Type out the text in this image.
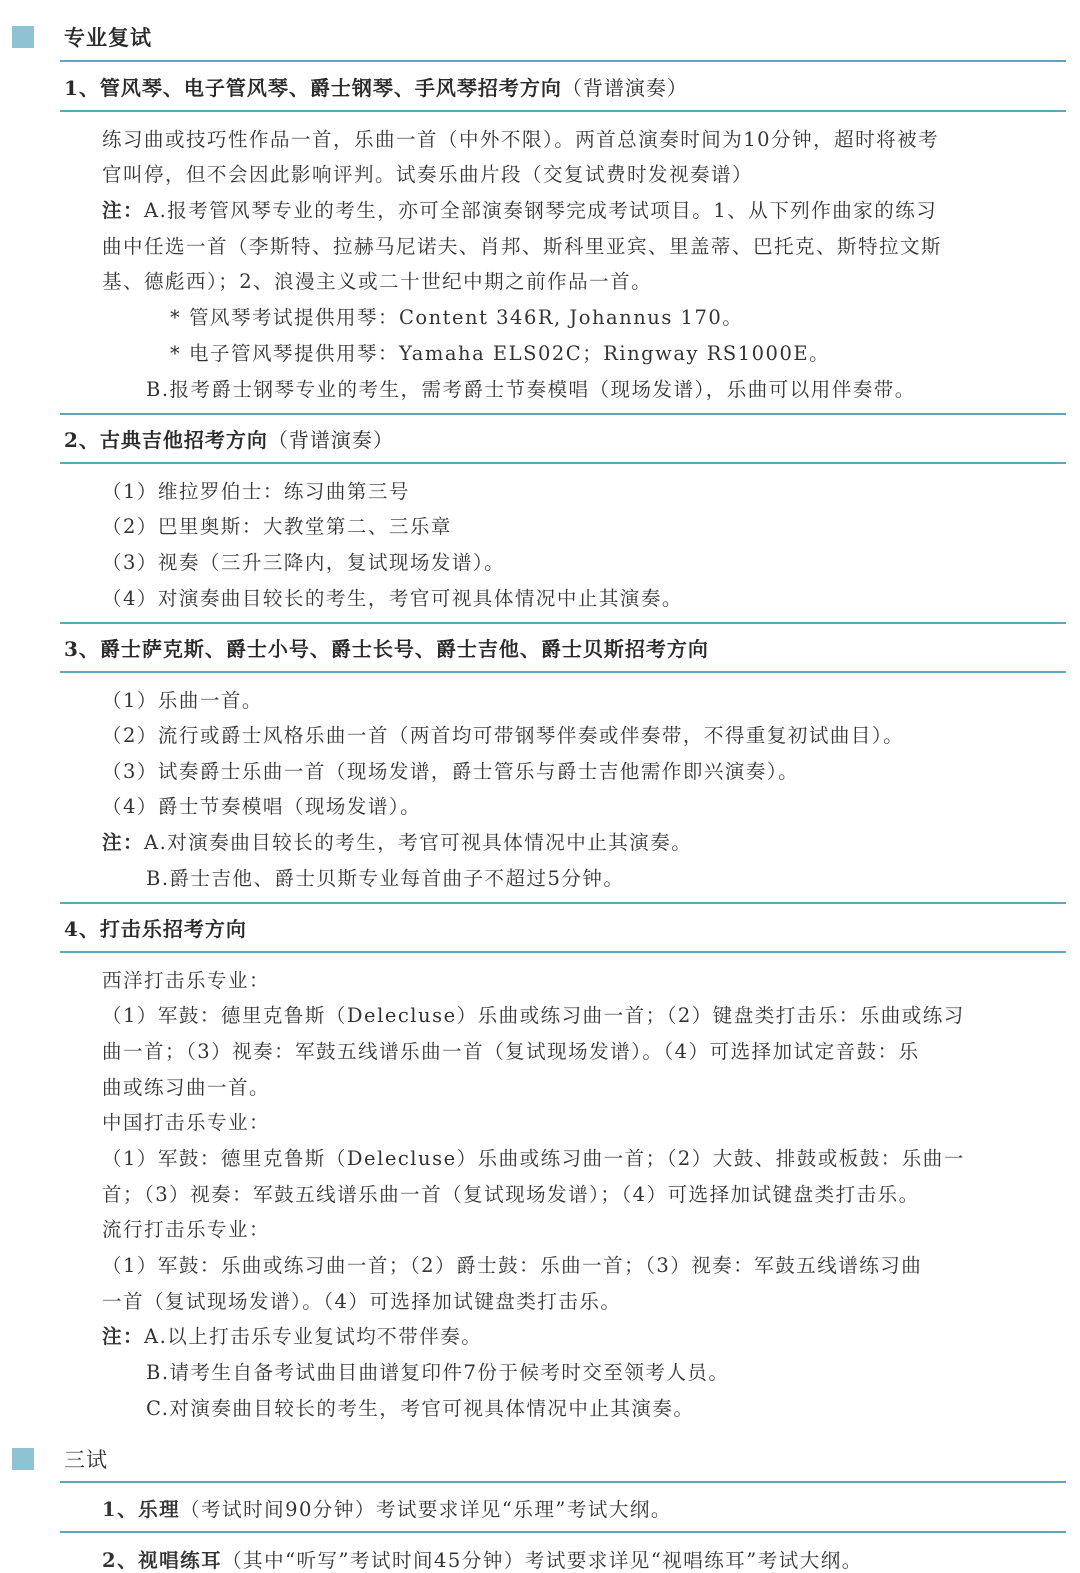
专业复试
1、管风琴、电子管风琴、爵士钢琴、手风琴招考方向（背谱演奏）
练习曲或技巧性作品一首，乐曲一首（中外不限）。两首总演奏时间为10分钟，超时将被考
官叫停，但不会因此影响评判。试奏乐曲片段（交复试费时发视奏谱）
注：A.报考管风琴专业的考生，亦可全部演奏钢琴完成考试项目。1、从下列作曲家的练习
曲中任选一首（李斯特、拉赫马尼诺夫、肖邦、斯科里亚宾、里盖蒂、巴托克、斯特拉文斯
基、德彪西）；2、浪漫主义或二十世纪中期之前作品一首。
* 管风琴考试提供用琴：Content 346R, Johannus 170。
* 电子管风琴提供用琴：Yamaha ELS02C；Ringway RS1000E。
B.报考爵士钢琴专业的考生，需考爵士节奏模唱（现场发谱），乐曲可以用伴奏带。
2、古典吉他招考方向（背谱演奏）
（1）维拉罗伯士：练习曲第三号
（2）巴里奥斯：大教堂第二、三乐章
（3）视奏（三升三降内，复试现场发谱）。
（4）对演奏曲目较长的考生，考官可视具体情况中止其演奏。
3、爵士萨克斯、爵士小号、爵士长号、爵士吉他、爵士贝斯招考方向
（1）乐曲一首。
（2）流行或爵士风格乐曲一首（两首均可带钢琴伴奏或伴奏带，不得重复初试曲目）。
（3）试奏爵士乐曲一首（现场发谱，爵士管乐与爵士吉他需作即兴演奏）。
（4）爵士节奏模唱（现场发谱）。
注：A.对演奏曲目较长的考生，考官可视具体情况中止其演奏。
B.爵士吉他、爵士贝斯专业每首曲子不超过5分钟。
4、打击乐招考方向
西洋打击乐专业：
（1）军鼓：德里克鲁斯（Delecluse）乐曲或练习曲一首；（2）键盘类打击乐：乐曲或练习
曲一首；（3）视奏：军鼓五线谱乐曲一首（复试现场发谱）。（4）可选择加试定音鼓：乐
曲或练习曲一首。
中国打击乐专业：
（1）军鼓：德里克鲁斯（Delecluse）乐曲或练习曲一首；（2）大鼓、排鼓或板鼓：乐曲一
首；（3）视奏：军鼓五线谱乐曲一首（复试现场发谱）；（4）可选择加试键盘类打击乐。
流行打击乐专业：
（1）军鼓：乐曲或练习曲一首；（2）爵士鼓：乐曲一首；（3）视奏：军鼓五线谱练习曲
一首（复试现场发谱）。（4）可选择加试键盘类打击乐。
注：A.以上打击乐专业复试均不带伴奏。
B.请考生自备考试曲目曲谱复印件7份于候考时交至领考人员。
C.对演奏曲目较长的考生，考官可视具体情况中止其演奏。
三试
1、乐理（考试时间90分钟）考试要求详见“乐理”考试大纲。
2、视唱练耳（其中“听写”考试时间45分钟）考试要求详见“视唱练耳”考试大纲。
